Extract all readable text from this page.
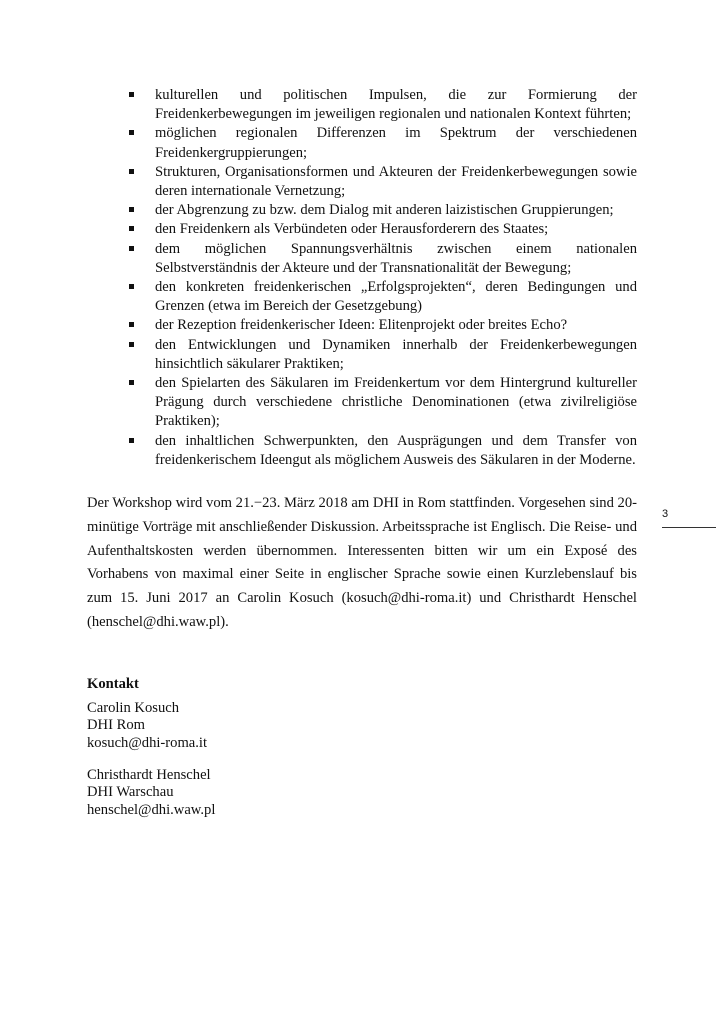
kulturellen und politischen Impulsen, die zur Formierung der Freidenkerbewegungen im jeweiligen regionalen und nationalen Kontext führten;
möglichen regionalen Differenzen im Spektrum der verschiedenen Freidenkergruppierungen;
Strukturen, Organisationsformen und Akteuren der Freidenkerbewegungen sowie deren internationale Vernetzung;
der Abgrenzung zu bzw. dem Dialog mit anderen laizistischen Gruppierungen;
den Freidenkern als Verbündeten oder Herausforderern des Staates;
dem möglichen Spannungsverhältnis zwischen einem nationalen Selbstverständnis der Akteure und der Transnationalität der Bewegung;
den konkreten freidenkerischen „Erfolgsprojekten“, deren Bedingungen und Grenzen (etwa im Bereich der Gesetzgebung)
der Rezeption freidenkerischer Ideen: Elitenprojekt oder breites Echo?
den Entwicklungen und Dynamiken innerhalb der Freidenkerbewegungen hinsichtlich säkularer Praktiken;
den Spielarten des Säkularen im Freidenkertum vor dem Hintergrund kultureller Prägung durch verschiedene christliche Denominationen (etwa zivilreligiöse Praktiken);
den inhaltlichen Schwerpunkten, den Ausprägungen und dem Transfer von freidenkerischem Ideengut als möglichem Ausweis des Säkularen in der Moderne.

Der Workshop wird vom 21.−23. März 2018 am DHI in Rom stattfinden. Vorgesehen sind 20-minütige Vorträge mit anschließender Diskussion. Arbeitssprache ist Englisch. Die Reise- und Aufenthaltskosten werden übernommen. Interessenten bitten wir um ein Exposé des Vorhabens von maximal einer Seite in englischer Sprache sowie einen Kurzlebenslauf bis zum 15. Juni 2017 an Carolin Kosuch (kosuch@dhi-roma.it) und Christhardt Henschel (henschel@dhi.waw.pl).

3
Kontakt
Carolin Kosuch
DHI Rom
kosuch@dhi-roma.it
Christhardt Henschel
DHI Warschau
henschel@dhi.waw.pl
